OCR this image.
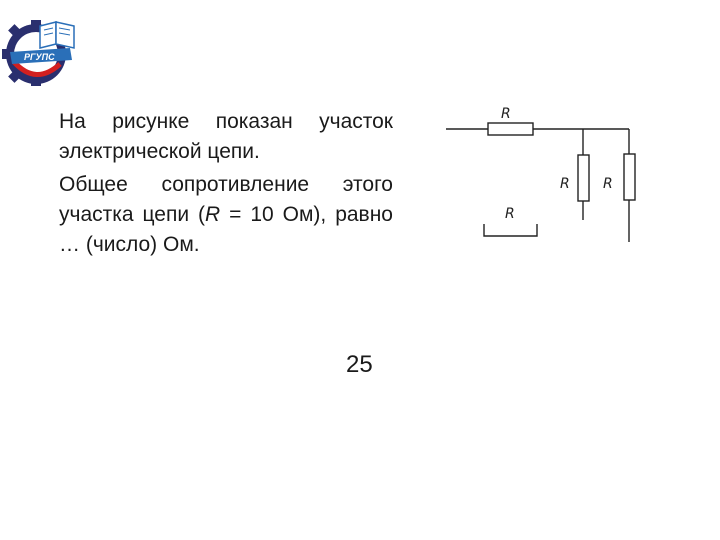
РГУПС

На рисунке показан участок электрической цепи.

Общее сопротивление этого участка цепи (R = 10 Ом), равно … (число) Ом.

R
R R
R
25
